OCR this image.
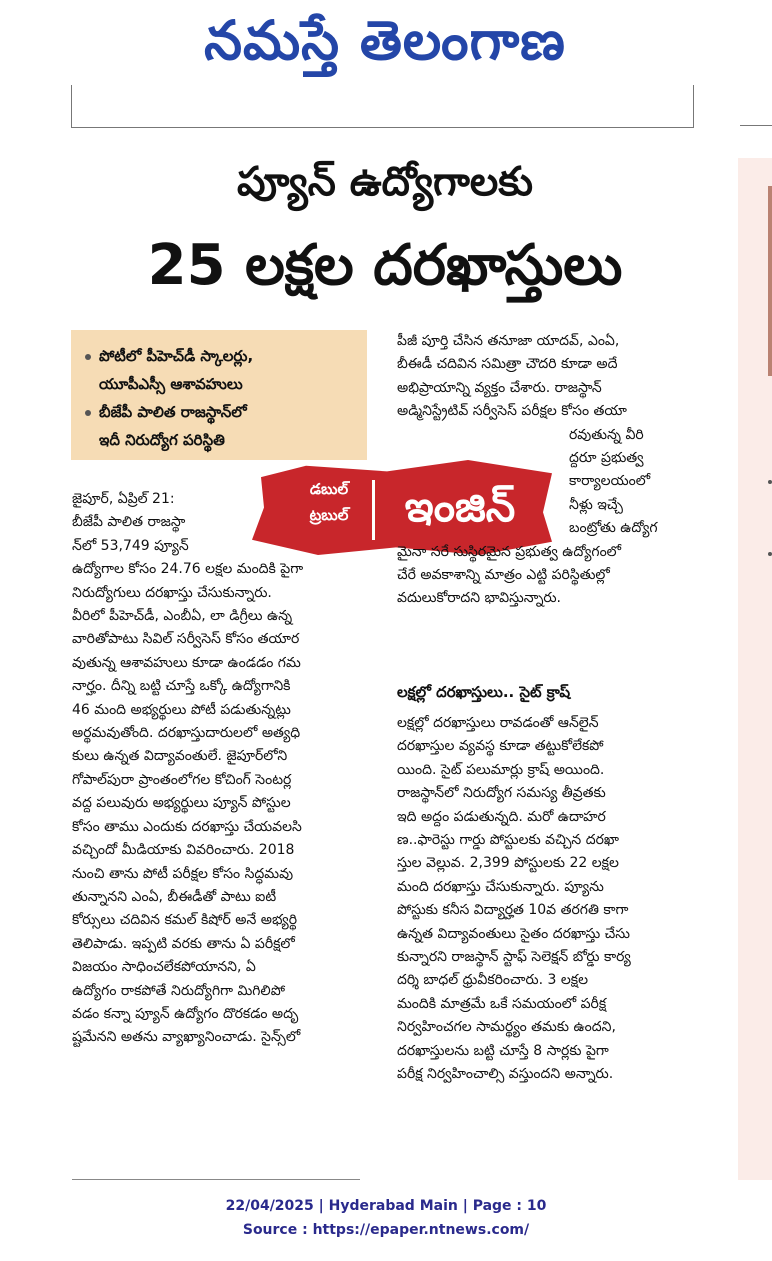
నమస్తే తెలంగాణ
ప్యూన్ ఉద్యోగాలకు
25 లక్షల దరఖాస్తులు
పోటీలో పీహెచ్‌డీ స్కాలర్లు,
యూపీఎస్సీ ఆశావహులు
బీజేపీ పాలిత రాజస్థాన్‌లో
ఇదీ నిరుద్యోగ పరిస్థితి
డబుల్
ట్రబుల్	ఇంజిన్
జైపూర్, ఏప్రిల్ 21:
బీజేపీ పాలిత రాజస్థా
న్‌లో 53,749 ప్యూన్
ఉద్యోగాల కోసం 24.76 లక్షల మందికి పైగా
నిరుద్యోగులు దరఖాస్తు చేసుకున్నారు.
వీరిలో పీహెచ్‌డీ, ఎంబీఏ, లా డిగ్రీలు ఉన్న
వారితోపాటు సివిల్ సర్వీసెస్ కోసం తయార
వుతున్న ఆశావహులు కూడా ఉండడం గమ
నార్హం. దీన్ని బట్టి చూస్తే ఒక్కో ఉద్యోగానికి
46 మంది అభ్యర్థులు పోటీ పడుతున్నట్లు
అర్థమవుతోంది. దరఖాస్తుదారులలో అత్యధి
కులు ఉన్నత విద్యావంతులే. జైపూర్‌లోని
గోపాల్‌పురా ప్రాంతంలోగల కోచింగ్ సెంటర్ల
వద్ద పలువురు అభ్యర్థులు ప్యూన్ పోస్టుల
కోసం తాము ఎందుకు దరఖాస్తు చేయవలసి
వచ్చిందో మీడియాకు వివరించారు. 2018
నుంచి తాను పోటీ పరీక్షల కోసం సిద్ధమవు
తున్నానని ఎంఏ, బీఈడీతో పాటు ఐటీ
కోర్సులు చదివిన కమల్ కిషోర్ అనే అభ్యర్థి
తెలిపాడు. ఇప్పటి వరకు తాను ఏ పరీక్షలో
విజయం సాధించలేకపోయానని, ఏ
ఉద్యోగం రాకపోతే నిరుద్యోగిగా మిగిలిపో
వడం కన్నా ప్యూన్ ఉద్యోగం దొరకడం అదృ
ష్టమేనని అతను వ్యాఖ్యానించాడు. సైన్స్‌లో
పీజీ పూర్తి చేసిన తనూజా యాదవ్, ఎంఏ,
బీఈడీ చదివిన సమిత్రా చౌదరి కూడా అదే
అభిప్రాయాన్ని వ్యక్తం చేశారు. రాజస్థాన్
అడ్మినిస్ట్రేటివ్ సర్వీసెస్ పరీక్షల కోసం తయా
రవుతున్న వీరి
ద్దరూ ప్రభుత్వ
కార్యాలయంలో
నీళ్లు ఇచ్చే
బంట్రోతు ఉద్యోగ
మైనా సరే సుస్థిరమైన ప్రభుత్వ ఉద్యోగంలో
చేరే అవకాశాన్ని మాత్రం ఎట్టి పరిస్థితుల్లో
వదులుకోరాదని భావిస్తున్నారు.
లక్షల్లో దరఖాస్తులు.. సైట్ క్రాష్
లక్షల్లో దరఖాస్తులు రావడంతో ఆన్‌లైన్
దరఖాస్తుల వ్యవస్థ కూడా తట్టుకోలేకపో
యింది. సైట్ పలుమార్లు క్రాష్ అయింది.
రాజస్థాన్‌లో నిరుద్యోగ సమస్య తీవ్రతకు
ఇది అద్దం పడుతున్నది. మరో ఉదాహర
ణ..ఫారెస్టు గార్డు పోస్టులకు వచ్చిన దరఖా
స్తుల వెల్లువ. 2,399 పోస్టులకు 22 లక్షల
మంది దరఖాస్తు చేసుకున్నారు. ప్యూను
పోస్టుకు కనీస విద్యార్హత 10వ తరగతి కాగా
ఉన్నత విద్యావంతులు సైతం దరఖాస్తు చేసు
కున్నారని రాజస్థాన్ స్టాఫ్ సెలెక్షన్ బోర్డు కార్య
దర్శి బాధల్ ధ్రువీకరించారు. 3 లక్షల
మందికి మాత్రమే ఒకే సమయంలో పరీక్ష
నిర్వహించగల సామర్థ్యం తమకు ఉందని,
దరఖాస్తులను బట్టి చూస్తే 8 సార్లకు పైగా
పరీక్ష నిర్వహించాల్సి వస్తుందని అన్నారు.
22/04/2025 | Hyderabad Main | Page : 10
Source : https://epaper.ntnews.com/
